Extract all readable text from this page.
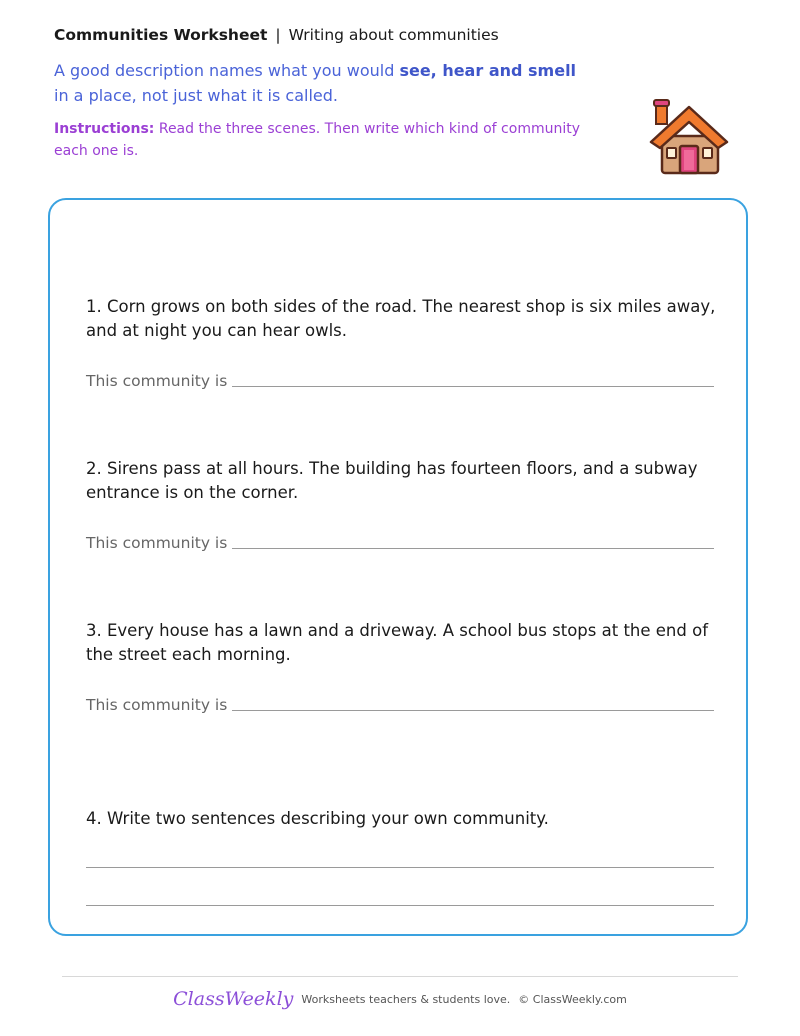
Communities Worksheet | Writing about communities
A good description names what you would see, hear and smell in a place, not just what it is called.
Instructions: Read the three scenes. Then write which kind of community each one is.
1. Corn grows on both sides of the road. The nearest shop is six miles away, and at night you can hear owls.
This community is
2. Sirens pass at all hours. The building has fourteen floors, and a subway entrance is on the corner.
This community is
3. Every house has a lawn and a driveway. A school bus stops at the end of the street each morning.
This community is
4. Write two sentences describing your own community.
ClassWeekly Worksheets teachers & students love. © ClassWeekly.com
